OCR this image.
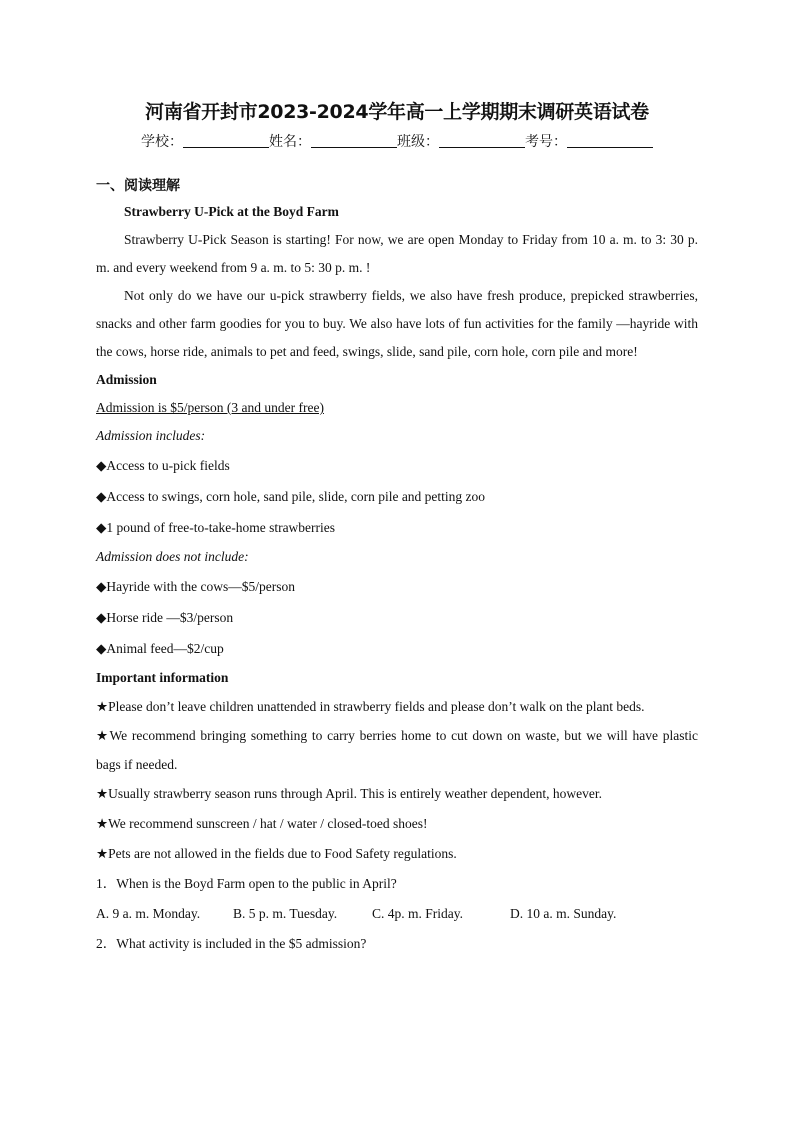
河南省开封市2023-2024学年高一上学期期末调研英语试卷
学校：	姓名：	班级：	考号：
一、阅读理解
Strawberry U-Pick at the Boyd Farm

Strawberry U-Pick Season is starting! For now, we are open Monday to Friday from 10 a. m. to 3: 30 p. m. and every weekend from 9 a. m. to 5: 30 p. m. !

Not only do we have our u-pick strawberry fields, we also have fresh produce, prepicked strawberries, snacks and other farm goodies for you to buy. We also have lots of fun activities for the family —hayride with the cows, horse ride, animals to pet and feed, swings, slide, sand pile, corn hole, corn pile and more!

Admission

Admission is $5/person (3 and under free)

Admission includes:

◆Access to u-pick fields

◆Access to swings, corn hole, sand pile, slide, corn pile and petting zoo

◆1 pound of free-to-take-home strawberries

Admission does not include:

◆Hayride with the cows—$5/person

◆Horse ride —$3/person

◆Animal feed—$2/cup

Important information

★Please don’t leave children unattended in strawberry fields and please don’t walk on the plant beds.

★We recommend bringing something to carry berries home to cut down on waste, but we will have plastic bags if needed.

★Usually strawberry season runs through April. This is entirely weather dependent, however.

★We recommend sunscreen / hat / water / closed-toed shoes!

★Pets are not allowed in the fields due to Food Safety regulations.

1．When is the Boyd Farm open to the public in April?

A. 9 a. m. Monday.	B. 5 p. m. Tuesday.	C. 4p. m. Friday.	D. 10 a. m. Sunday.

2．What activity is included in the $5 admission?
